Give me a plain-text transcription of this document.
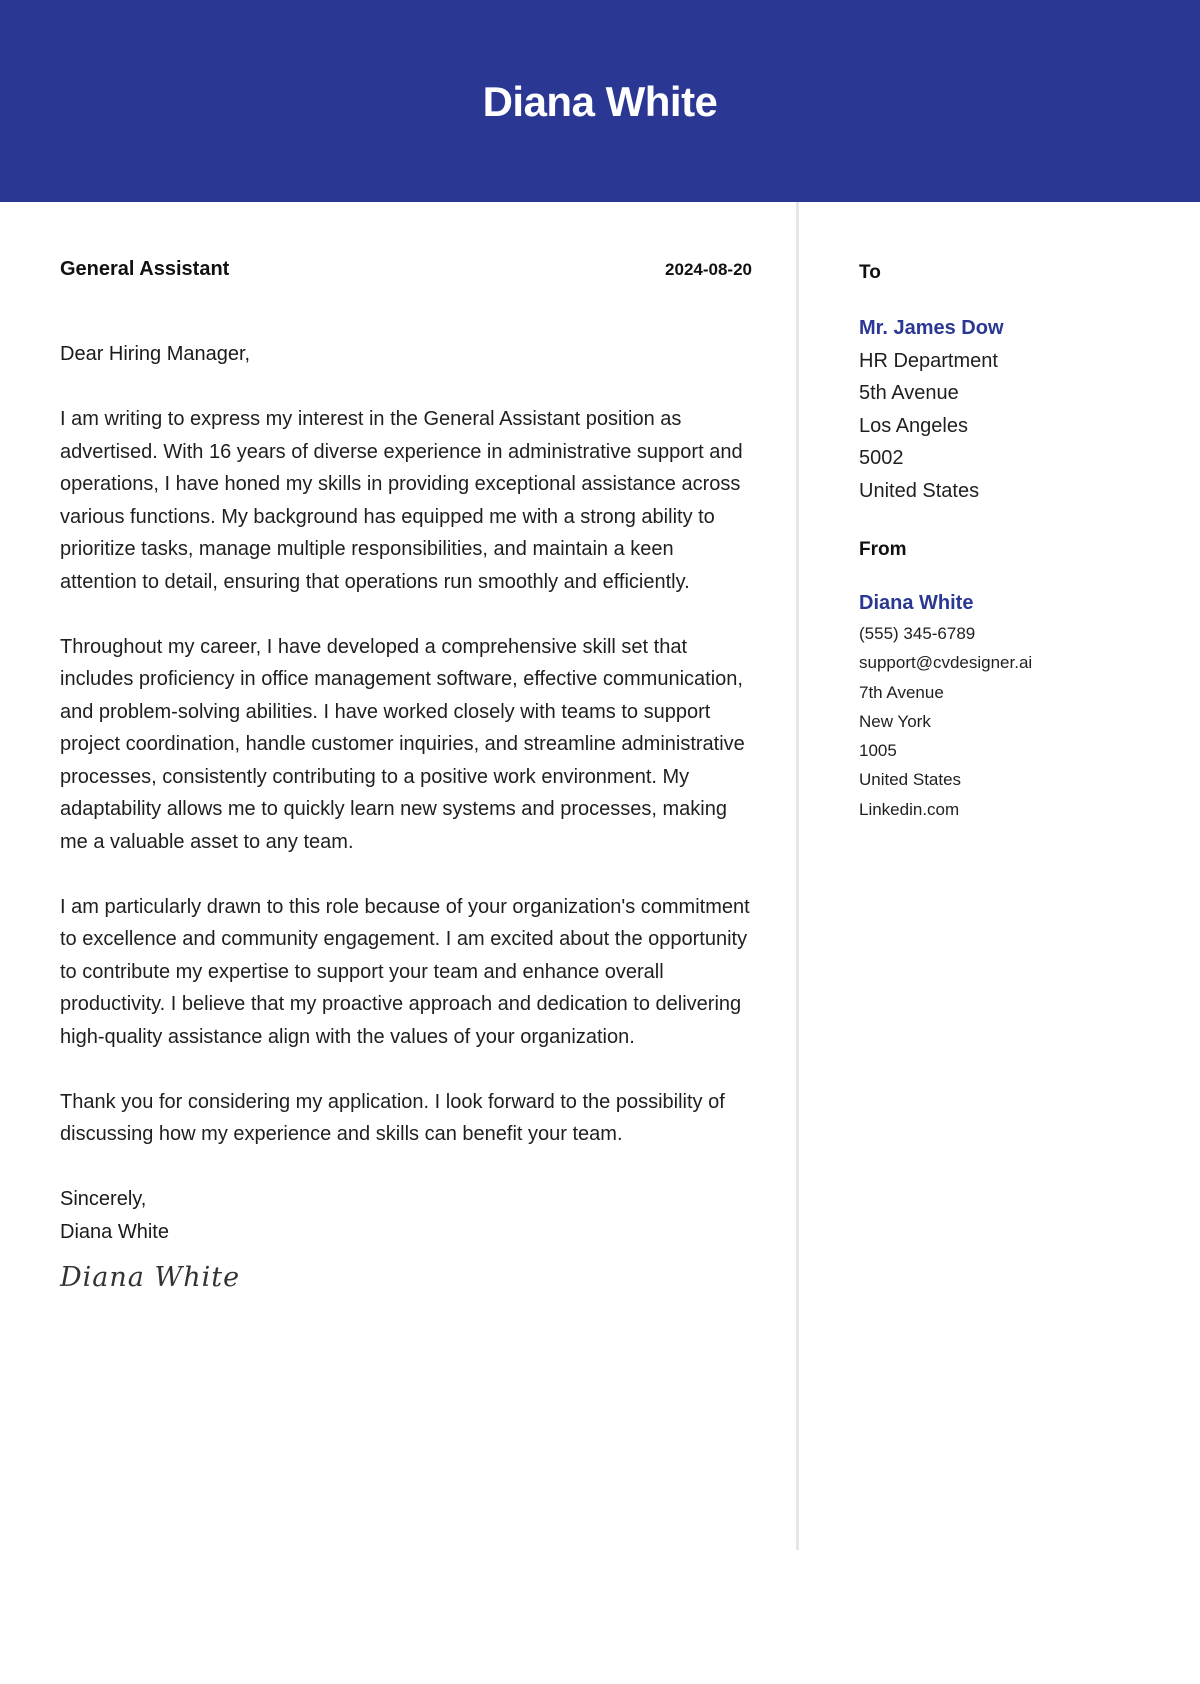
Diana White
General Assistant	2024-08-20

Dear Hiring Manager,

I am writing to express my interest in the General Assistant position as advertised. With 16 years of diverse experience in administrative support and operations, I have honed my skills in providing exceptional assistance across various functions. My background has equipped me with a strong ability to prioritize tasks, manage multiple responsibilities, and maintain a keen attention to detail, ensuring that operations run smoothly and efficiently.

Throughout my career, I have developed a comprehensive skill set that includes proficiency in office management software, effective communication, and problem-solving abilities. I have worked closely with teams to support project coordination, handle customer inquiries, and streamline administrative processes, consistently contributing to a positive work environment. My adaptability allows me to quickly learn new systems and processes, making me a valuable asset to any team.

I am particularly drawn to this role because of your organization's commitment to excellence and community engagement. I am excited about the opportunity to contribute my expertise to support your team and enhance overall productivity. I believe that my proactive approach and dedication to delivering high-quality assistance align with the values of your organization.

Thank you for considering my application. I look forward to the possibility of discussing how my experience and skills can benefit your team.

Sincerely,
Diana White
Diana White
To
Mr. James Dow
HR Department
5th Avenue
Los Angeles
5002
United States
From
Diana White
(555) 345-6789
support@cvdesigner.ai
7th Avenue
New York
1005
United States
Linkedin.com
